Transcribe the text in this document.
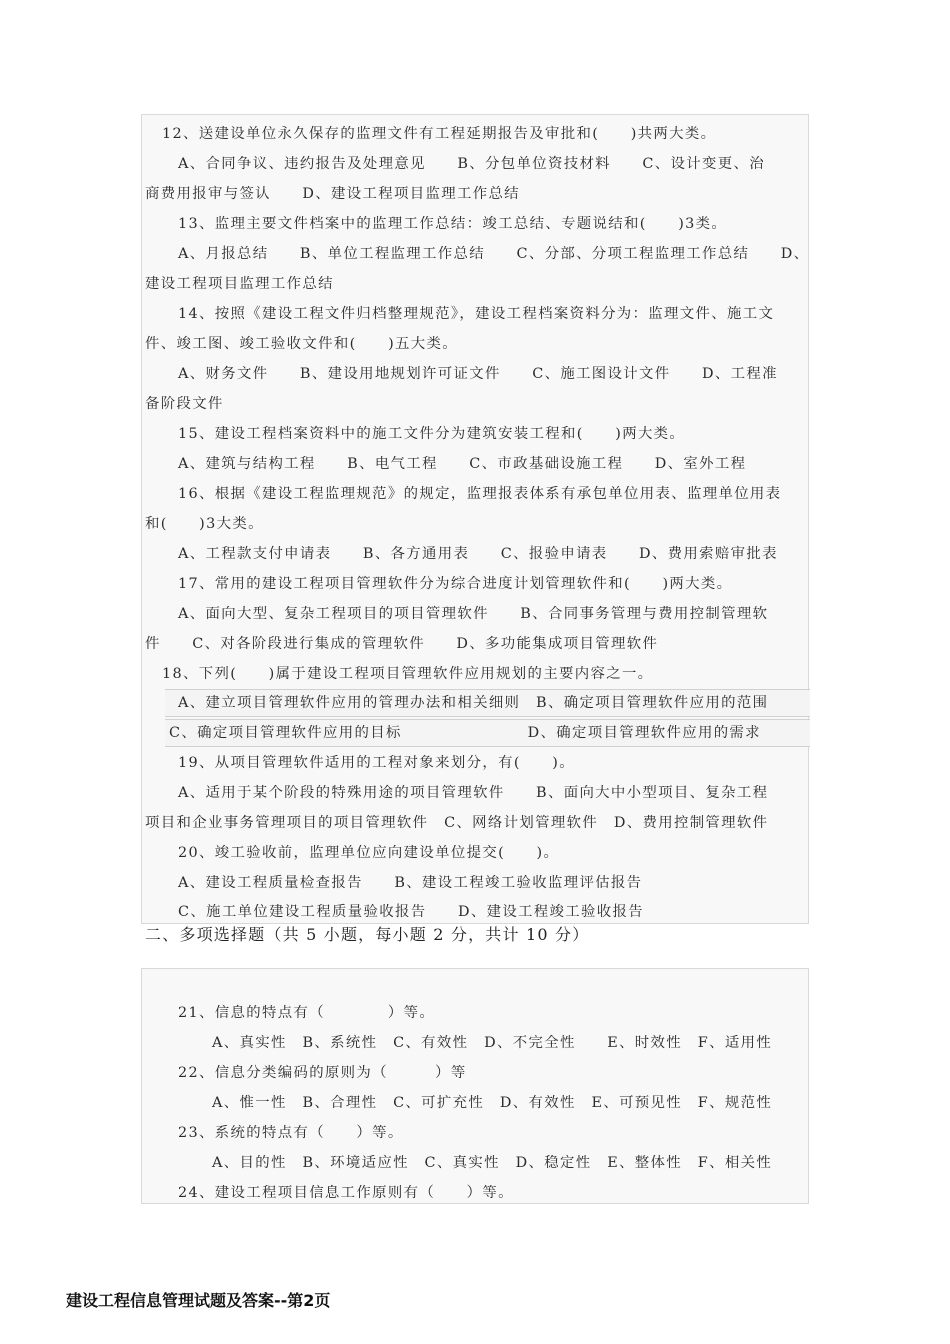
12、送建设单位永久保存的监理文件有工程延期报告及审批和(　　)共两大类。
A、合同争议、违约报告及处理意见　　B、分包单位资技材料　　C、设计变更、治
商费用报审与签认　　D、建设工程项目监理工作总结
13、监理主要文件档案中的监理工作总结：竣工总结、专题说结和(　　)3类。
A、月报总结　　B、单位工程监理工作总结　　C、分部、分项工程监理工作总结　　D、
建设工程项目监理工作总结
14、按照《建设工程文件归档整理规范》，建设工程档案资料分为：监理文件、施工文
件、竣工图、竣工验收文件和(　　)五大类。
A、财务文件　　B、建设用地规划许可证文件　　C、施工图设计文件　　D、工程准
备阶段文件
15、建设工程档案资料中的施工文件分为建筑安装工程和(　　)两大类。
A、建筑与结构工程　　B、电气工程　　C、市政基础设施工程　　D、室外工程
16、根据《建设工程监理规范》的规定，监理报表体系有承包单位用表、监理单位用表
和(　　)3大类。
A、工程款支付申请表　　B、各方通用表　　C、报验申请表　　D、费用索赔审批表
17、常用的建设工程项目管理软件分为综合进度计划管理软件和(　　)两大类。
A、面向大型、复杂工程项目的项目管理软件　　B、合同事务管理与费用控制管理软
件　　C、对各阶段进行集成的管理软件　　D、多功能集成项目管理软件
18、下列(　　)属于建设工程项目管理软件应用规划的主要内容之一。
A、建立项目管理软件应用的管理办法和相关细则　B、确定项目管理软件应用的范围
C、确定项目管理软件应用的目标　　　　　　　　D、确定项目管理软件应用的需求
19、从项目管理软件适用的工程对象来划分，有(　　)。
A、适用于某个阶段的特殊用途的项目管理软件　　B、面向大中小型项目、复杂工程
项目和企业事务管理项目的项目管理软件　C、网络计划管理软件　D、费用控制管理软件
20、竣工验收前，监理单位应向建设单位提交(　　)。
A、建设工程质量检查报告　　B、建设工程竣工验收监理评估报告
C、施工单位建设工程质量验收报告　　D、建设工程竣工验收报告
二、多项选择题（共 5 小题，每小题 2 分，共计 10 分）
21、信息的特点有（　　　　）等。
A、真实性　B、系统性　C、有效性　D、不完全性　　E、时效性　F、适用性
22、信息分类编码的原则为（　　　）等
A、惟一性　B、合理性　C、可扩充性　D、有效性　E、可预见性　F、规范性
23、系统的特点有（　　）等。
A、目的性　B、环境适应性　C、真实性　D、稳定性　E、整体性　F、相关性
24、建设工程项目信息工作原则有（　　）等。
建设工程信息管理试题及答案--第2页
